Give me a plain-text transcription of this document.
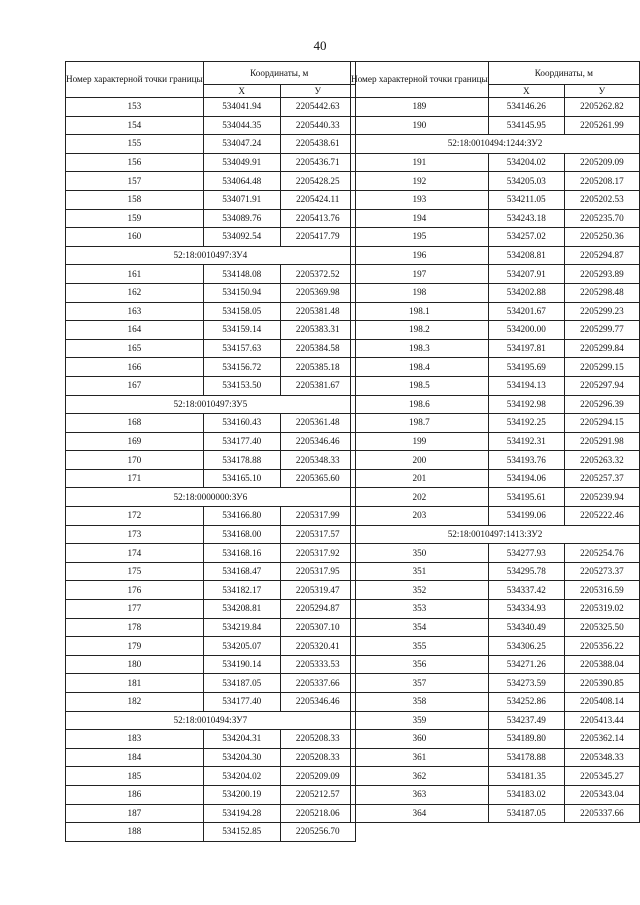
40
Номер характерной точки границы	Координаты, м	
	Х	У
153	534041.94	2205442.63
154	534044.35	2205440.33
155	534047.24	2205438.61
156	534049.91	2205436.71
157	534064.48	2205428.25
158	534071.91	2205424.11
159	534089.76	2205413.76
160	534092.54	2205417.79
52:18:0010497:ЗУ4		
161	534148.08	2205372.52
162	534150.94	2205369.98
163	534158.05	2205381.48
164	534159.14	2205383.31
165	534157.63	2205384.58
166	534156.72	2205385.18
167	534153.50	2205381.67
52:18:0010497:ЗУ5		
168	534160.43	2205361.48
169	534177.40	2205346.46
170	534178.88	2205348.33
171	534165.10	2205365.60
52:18:0000000:ЗУ6		
172	534166.80	2205317.99
173	534168.00	2205317.57
174	534168.16	2205317.92
175	534168.47	2205317.95
176	534182.17	2205319.47
177	534208.81	2205294.87
178	534219.84	2205307.10
179	534205.07	2205320.41
180	534190.14	2205333.53
181	534187.05	2205337.66
182	534177.40	2205346.46
52:18:0010494:ЗУ7		
183	534204.31	2205208.33
184	534204.30	2205208.33
185	534204.02	2205209.09
186	534200.19	2205212.57
187	534194.28	2205218.06
188	534152.85	2205256.70
Номер характерной точки границы	Координаты, м	
	Х	У
189	534146.26	2205262.82
190	534145.95	2205261.99
52:18:0010494:1244:ЗУ2		
191	534204.02	2205209.09
192	534205.03	2205208.17
193	534211.05	2205202.53
194	534243.18	2205235.70
195	534257.02	2205250.36
196	534208.81	2205294.87
197	534207.91	2205293.89
198	534202.88	2205298.48
198.1	534201.67	2205299.23
198.2	534200.00	2205299.77
198.3	534197.81	2205299.84
198.4	534195.69	2205299.15
198.5	534194.13	2205297.94
198.6	534192.98	2205296.39
198.7	534192.25	2205294.15
199	534192.31	2205291.98
200	534193.76	2205263.32
201	534194.06	2205257.37
202	534195.61	2205239.94
203	534199.06	2205222.46
52:18:0010497:1413:ЗУ2		
350	534277.93	2205254.76
351	534295.78	2205273.37
352	534337.42	2205316.59
353	534334.93	2205319.02
354	534340.49	2205325.50
355	534306.25	2205356.22
356	534271.26	2205388.04
357	534273.59	2205390.85
358	534252.86	2205408.14
359	534237.49	2205413.44
360	534189.80	2205362.14
361	534178.88	2205348.33
362	534181.35	2205345.27
363	534183.02	2205343.04
364	534187.05	2205337.66
